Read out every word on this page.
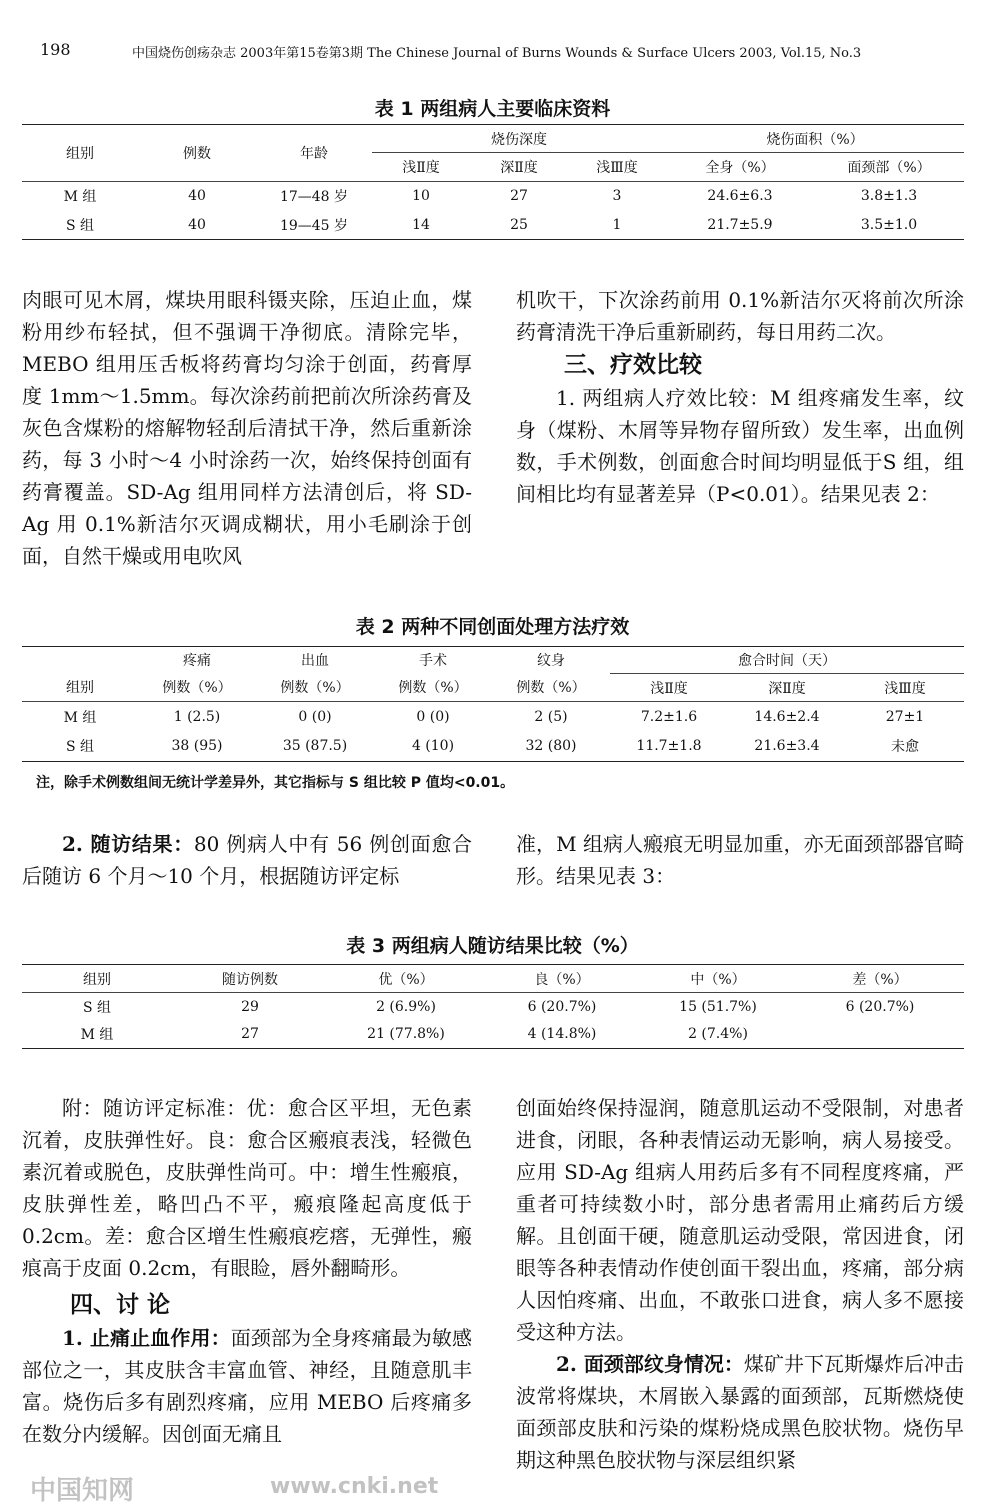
198	中国烧伤创疡杂志 2003年第15卷第3期 The Chinese Journal of Burns Wounds & Surface Ulcers 2003, Vol.15, No.3
表 1 两组病人主要临床资料
组别	例数	年龄	烧伤深度			烧伤面积（%）	
			浅Ⅱ度	深Ⅱ度	浅Ⅲ度	全身（%）	面颈部（%）
M 组	40	17—48 岁	10	27	3	24.6±6.3	3.8±1.3
S 组	40	19—45 岁	14	25	1	21.7±5.9	3.5±1.0

肉眼可见木屑，煤块用眼科镊夹除，压迫止血，煤粉用纱布轻拭，但不强调干净彻底。清除完毕，MEBO 组用压舌板将药膏均匀涂于创面，药膏厚度 1mm～1.5mm。每次涂药前把前次所涂药膏及灰色含煤粉的熔解物轻刮后清拭干净，然后重新涂药，每 3 小时～4 小时涂药一次，始终保持创面有药膏覆盖。SD-Ag 组用同样方法清创后，将 SD-Ag 用 0.1%新洁尔灭调成糊状，用小毛刷涂于创面，自然干燥或用电吹风

机吹干，下次涂药前用 0.1%新洁尔灭将前次所涂药膏清洗干净后重新刷药，每日用药二次。

三、疗效比较

1. 两组病人疗效比较：M 组疼痛发生率，纹身（煤粉、木屑等异物存留所致）发生率，出血例数，手术例数，创面愈合时间均明显低于S 组，组间相比均有显著差异（P<0.01）。结果见表 2：

表 2 两种不同创面处理方法疗效
	疼痛	出血	手术	纹身	愈合时间（天）		
组别	例数（%）	例数（%）	例数（%）	例数（%）	浅Ⅱ度	深Ⅱ度	浅Ⅲ度
M 组	1 (2.5)	0 (0)	0 (0)	2 (5)	7.2±1.6	14.6±2.4	27±1
S 组	38 (95)	35 (87.5)	4 (10)	32 (80)	11.7±1.8	21.6±3.4	未愈
注，除手术例数组间无统计学差异外，其它指标与 S 组比较 P 值均<0.01。

2. 随访结果：80 例病人中有 56 例创面愈合后随访 6 个月～10 个月，根据随访评定标

准，M 组病人瘢痕无明显加重，亦无面颈部器官畸形。结果见表 3：

表 3 两组病人随访结果比较（%）
组别	随访例数	优（%）	良（%）	中（%）	差（%）
S 组	29	2 (6.9%)	6 (20.7%)	15 (51.7%)	6 (20.7%)
M 组	27	21 (77.8%)	4 (14.8%)	2 (7.4%)	

附：随访评定标准：优：愈合区平坦，无色素沉着，皮肤弹性好。良：愈合区瘢痕表浅，轻微色素沉着或脱色，皮肤弹性尚可。中：增生性瘢痕，皮肤弹性差，略凹凸不平，瘢痕隆起高度低于 0.2cm。差：愈合区增生性瘢痕疙瘩，无弹性，瘢痕高于皮面 0.2cm，有眼睑，唇外翻畸形。

四、讨 论

1. 止痛止血作用：面颈部为全身疼痛最为敏感部位之一，其皮肤含丰富血管、神经，且随意肌丰富。烧伤后多有剧烈疼痛，应用 MEBO 后疼痛多在数分内缓解。因创面无痛且

创面始终保持湿润，随意肌运动不受限制，对患者进食，闭眼，各种表情运动无影响，病人易接受。应用 SD-Ag 组病人用药后多有不同程度疼痛，严重者可持续数小时，部分患者需用止痛药后方缓解。且创面干硬，随意肌运动受限，常因进食，闭眼等各种表情动作使创面干裂出血，疼痛，部分病人因怕疼痛、出血，不敢张口进食，病人多不愿接受这种方法。

2. 面颈部纹身情况：煤矿井下瓦斯爆炸后冲击波常将煤块，木屑嵌入暴露的面颈部，瓦斯燃烧使面颈部皮肤和污染的煤粉烧成黑色胶状物。烧伤早期这种黑色胶状物与深层组织紧

中国知网	www.cnki.net
